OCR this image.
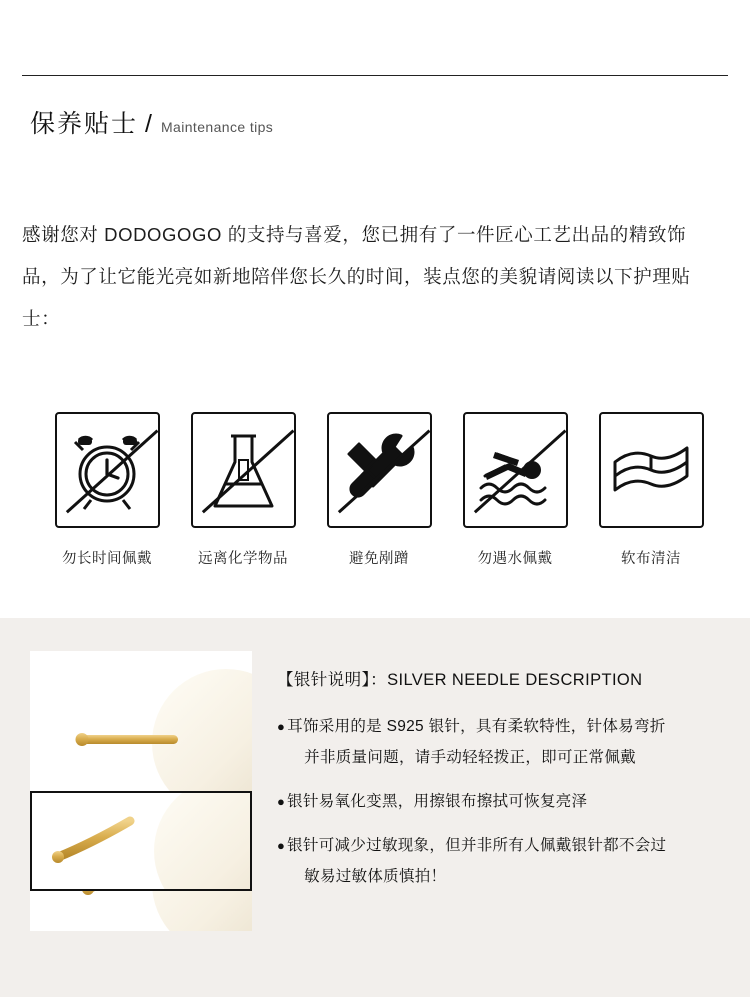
保养贴士 / Maintenance tips
感谢您对 DODOGOGO 的支持与喜爱，您已拥有了一件匠心工艺出品的精致饰品，为了让它能光亮如新地陪伴您长久的时间，装点您的美貌请阅读以下护理贴士：
勿长时间佩戴	远离化学物品	避免剐蹭	勿遇水佩戴	软布清洁
【银针说明】：SILVER NEEDLE DESCRIPTION
● 耳饰采用的是 S925 银针，具有柔软特性，针体易弯折
并非质量问题，请手动轻轻拨正，即可正常佩戴
● 银针易氧化变黑，用擦银布擦拭可恢复亮泽
● 银针可减少过敏现象，但并非所有人佩戴银针都不会过
敏易过敏体质慎拍！
